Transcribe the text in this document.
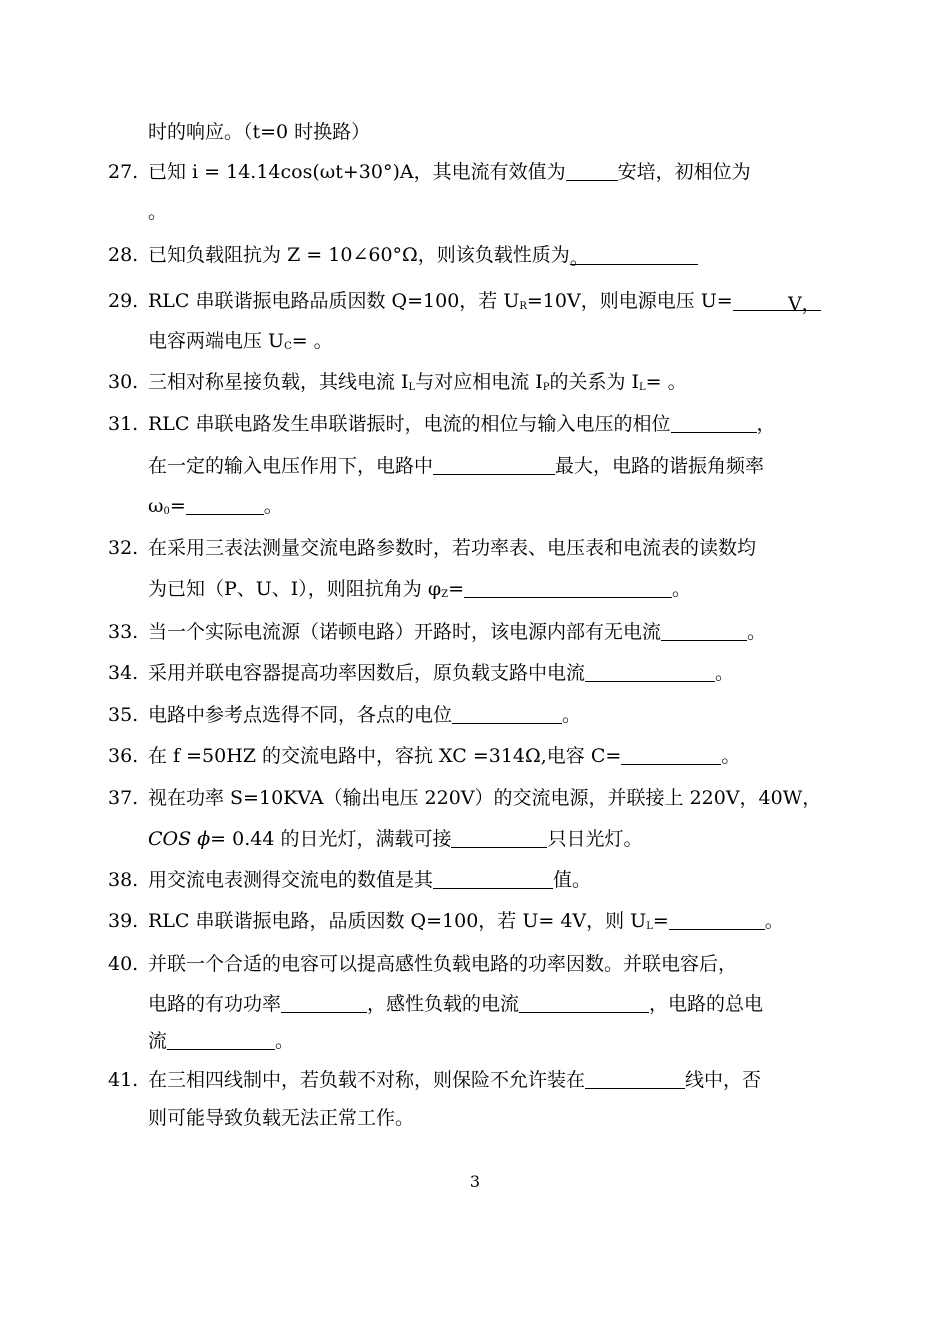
时的响应。（t=0 时换路）
27. 已知 i = 14.14cos(ωt+30°)A，其电流有效值为	安培，初相位为
。
28. 已知负载阻抗为 Z = 10∠60°Ω，则该负载性质为。
29. RLC 串联谐振电路品质因数 Q=100，若 $U_R=10V$，则电源电压 U=	V，
电容两端电压 $U_C=$ 。
30. 三相对称星接负载，其线电流 $I_L$与对应相电流 $I_P$的关系为 $I_L=$ 。
31. RLC 串联电路发生串联谐振时，电流的相位与输入电压的相位	，
在一定的输入电压作用下，电路中	最大，电路的谐振角频率
$\omega_0=$	。
32. 在采用三表法测量交流电路参数时，若功率表、电压表和电流表的读数均
为已知（P、U、I），则阻抗角为 $\varphi_Z=$	。
33. 当一个实际电流源（诺顿电路）开路时，该电源内部有无电流	。
34. 采用并联电容器提高功率因数后，原负载支路中电流	。
35. 电路中参考点选得不同，各点的电位	。
36. 在 f =50HZ 的交流电路中，容抗 XC =314Ω,电容 C=	。
37. 视在功率 S=10KVA（输出电压 220V）的交流电源，并联接上 220V，40W，
COS ϕ= 0.44 的日光灯，满载可接	只日光灯。
38. 用交流电表测得交流电的数值是其	值。
39. RLC 串联谐振电路，品质因数 Q=100，若 U= 4V，则 $U_L=$	。
40. 并联一个合适的电容可以提高感性负载电路的功率因数。并联电容后，
电路的有功功率	，感性负载的电流	，电路的总电
流	。
41. 在三相四线制中，若负载不对称，则保险不允许装在	线中，否
则可能导致负载无法正常工作。
3
